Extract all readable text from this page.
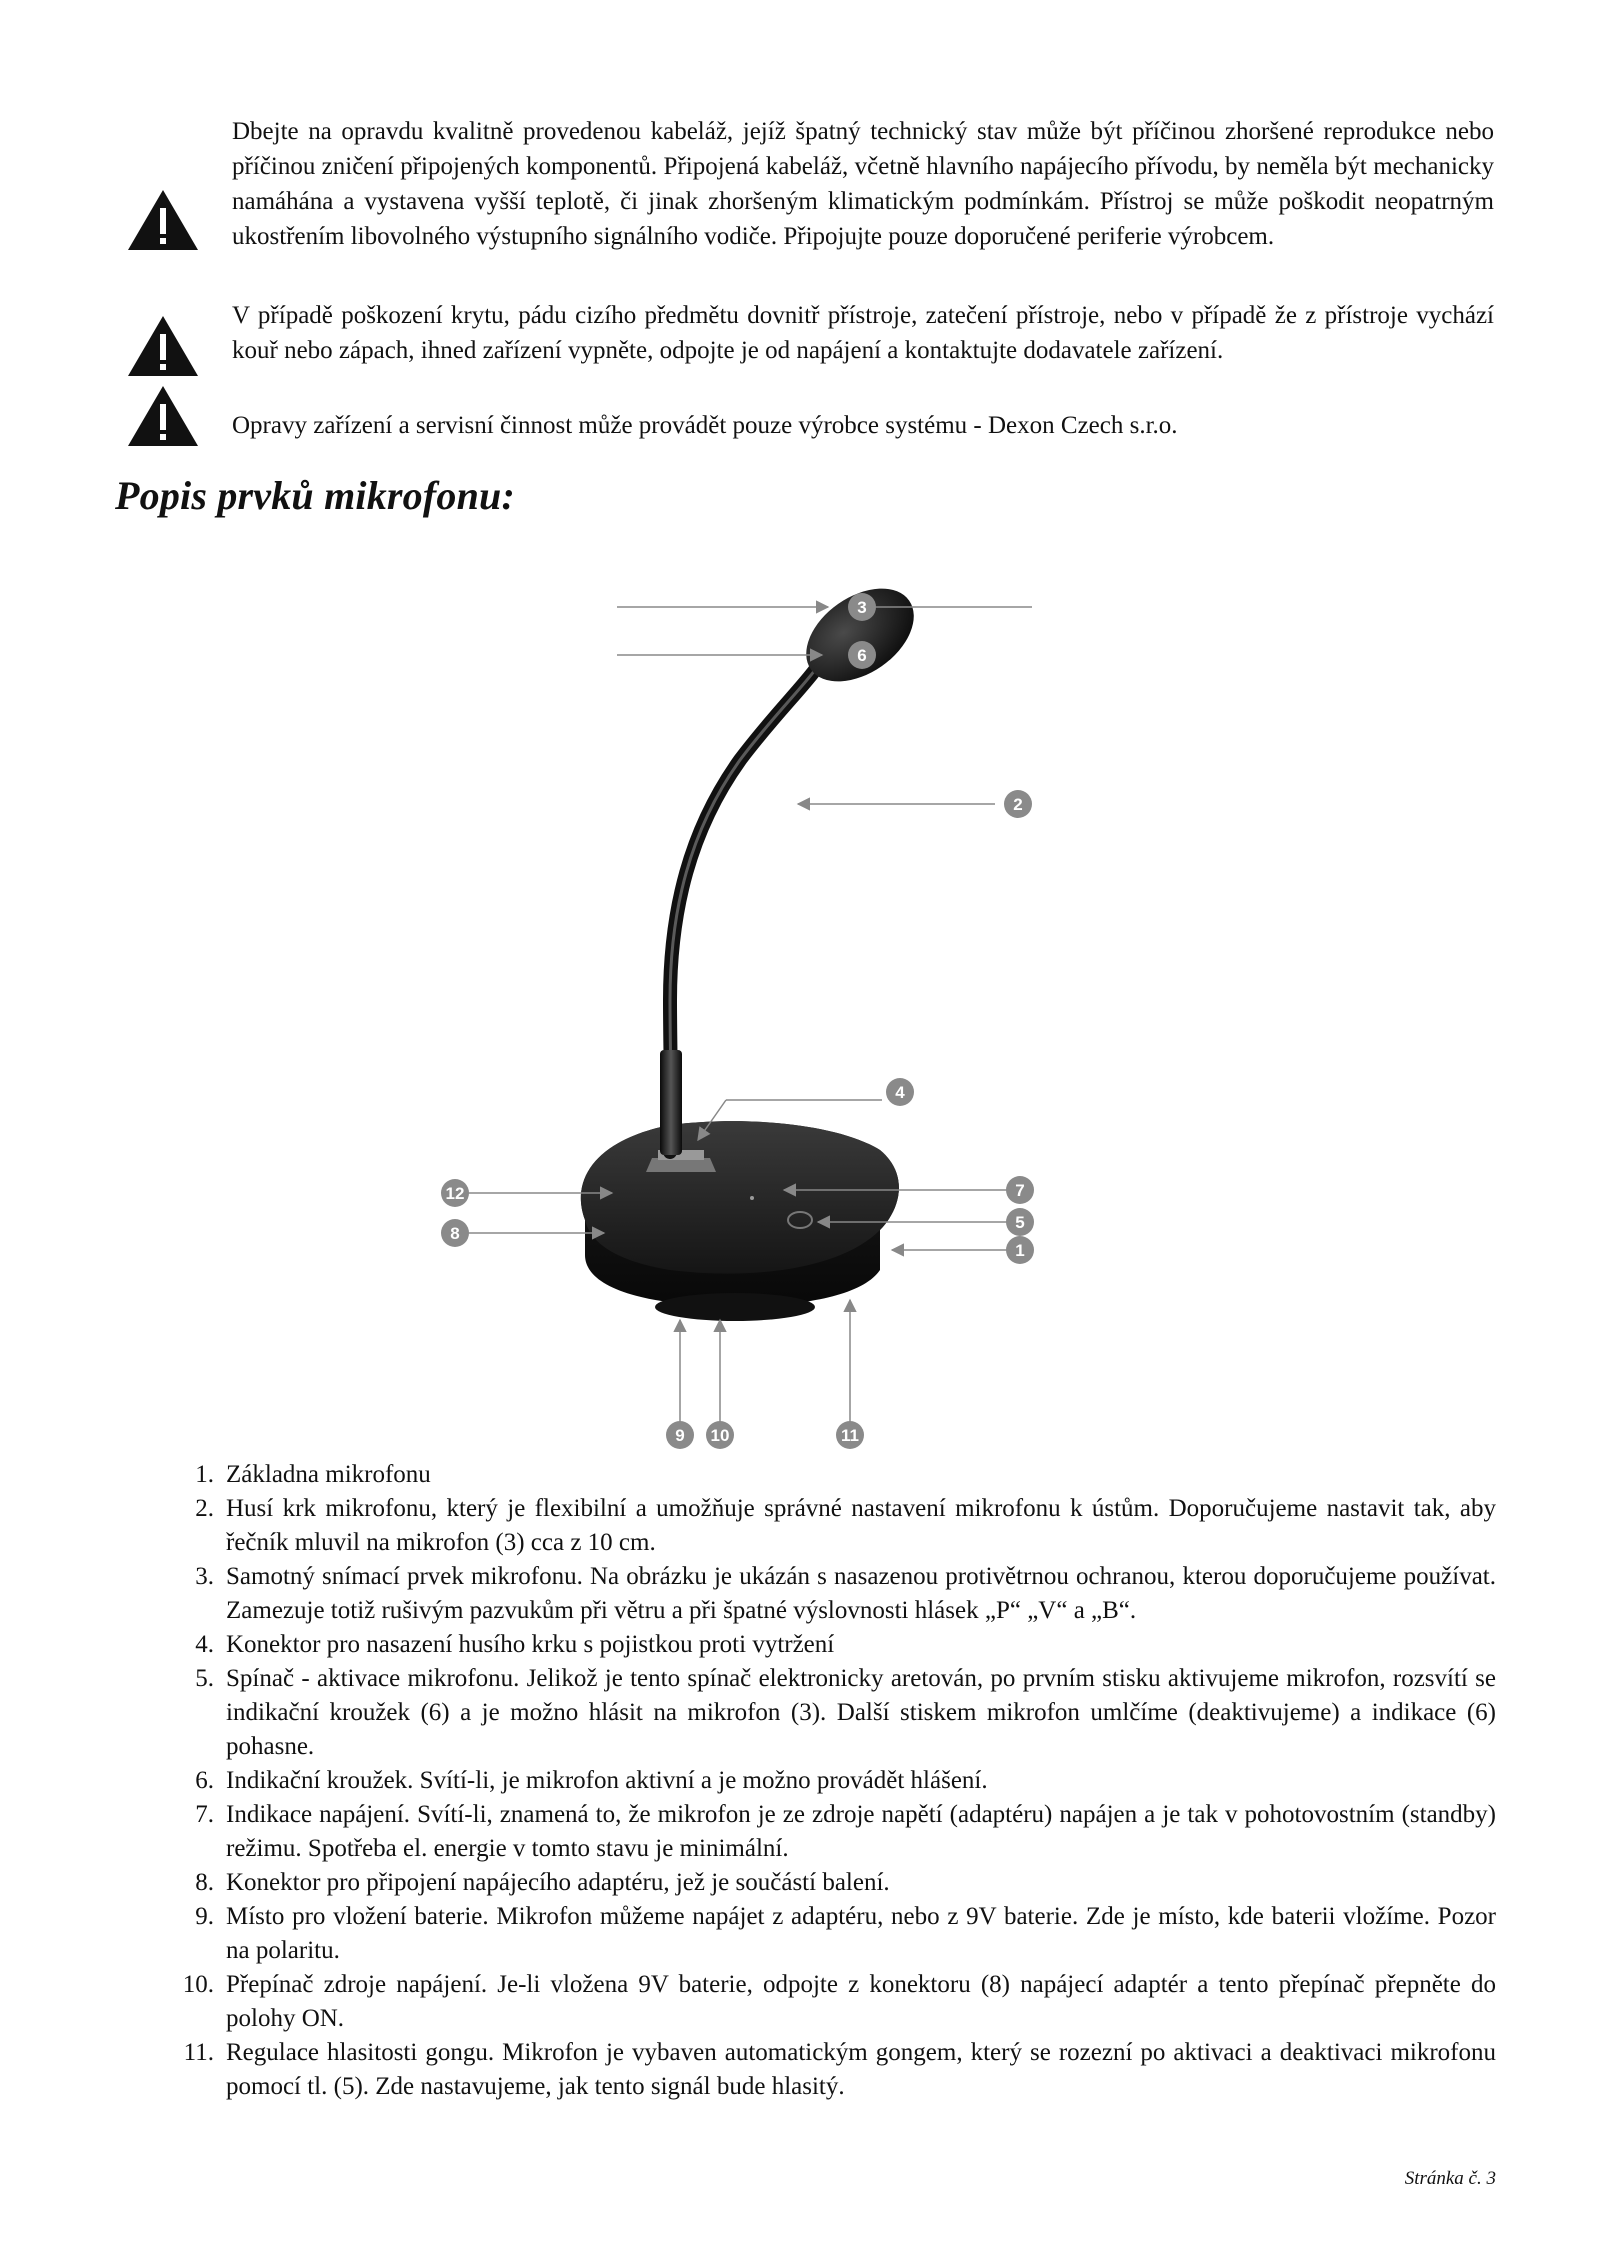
Dbejte na opravdu kvalitně provedenou kabeláž, jejíž špatný technický stav může být příčinou zhoršené reprodukce nebo příčinou zničení připojených komponentů. Připojená kabeláž, včetně hlavního napájecího přívodu, by neměla být mechanicky namáhána a vystavena vyšší teplotě, či jinak zhoršeným klimatickým podmínkám. Přístroj se může poškodit neopatrným ukostřením libovolného výstupního signálního vodiče. Připojujte pouze doporučené periferie výrobcem.

V případě poškození krytu, pádu cizího předmětu dovnitř přístroje, zatečení přístroje, nebo v případě že z přístroje vychází kouř nebo zápach, ihned zařízení vypněte, odpojte je od napájení a kontaktujte dodavatele zařízení.

Opravy zařízení a servisní činnost může provádět pouze výrobce systému - Dexon Czech s.r.o.

Popis prvků mikrofonu:
3
6
2
4
12
8
7
5
1
9 10	11
1. Základna mikrofonu
2. Husí krk mikrofonu, který je flexibilní a umožňuje správné nastavení mikrofonu k ústům. Doporučujeme nastavit tak, aby řečník mluvil na mikrofon (3) cca z 10 cm.
3. Samotný snímací prvek mikrofonu. Na obrázku je ukázán s nasazenou protivětrnou ochranou, kterou doporučujeme používat. Zamezuje totiž rušivým pazvukům při větru a při špatné výslovnosti hlásek „P“ „V“ a „B“.
4. Konektor pro nasazení husího krku s pojistkou proti vytržení
5. Spínač - aktivace mikrofonu. Jelikož je tento spínač elektronicky aretován, po prvním stisku aktivujeme mikrofon, rozsvítí se indikační kroužek (6) a je možno hlásit na mikrofon (3). Další stiskem mikrofon umlčíme (deaktivujeme) a indikace (6) pohasne.
6. Indikační kroužek. Svítí-li, je mikrofon aktivní a je možno provádět hlášení.
7. Indikace napájení. Svítí-li, znamená to, že mikrofon je ze zdroje napětí (adaptéru) napájen a je tak v pohotovostním (standby) režimu. Spotřeba el. energie v tomto stavu je minimální.
8. Konektor pro připojení napájecího adaptéru, jež je součástí balení.
9. Místo pro vložení baterie. Mikrofon můžeme napájet z adaptéru, nebo z 9V baterie. Zde je místo, kde baterii vložíme. Pozor na polaritu.
10. Přepínač zdroje napájení. Je-li vložena 9V baterie, odpojte z konektoru (8) napájecí adaptér a tento přepínač přepněte do polohy ON.
11. Regulace hlasitosti gongu. Mikrofon je vybaven automatickým gongem, který se rozezní po aktivaci a deaktivaci mikrofonu pomocí tl. (5). Zde nastavujeme, jak tento signál bude hlasitý.
Stránka č. 3
